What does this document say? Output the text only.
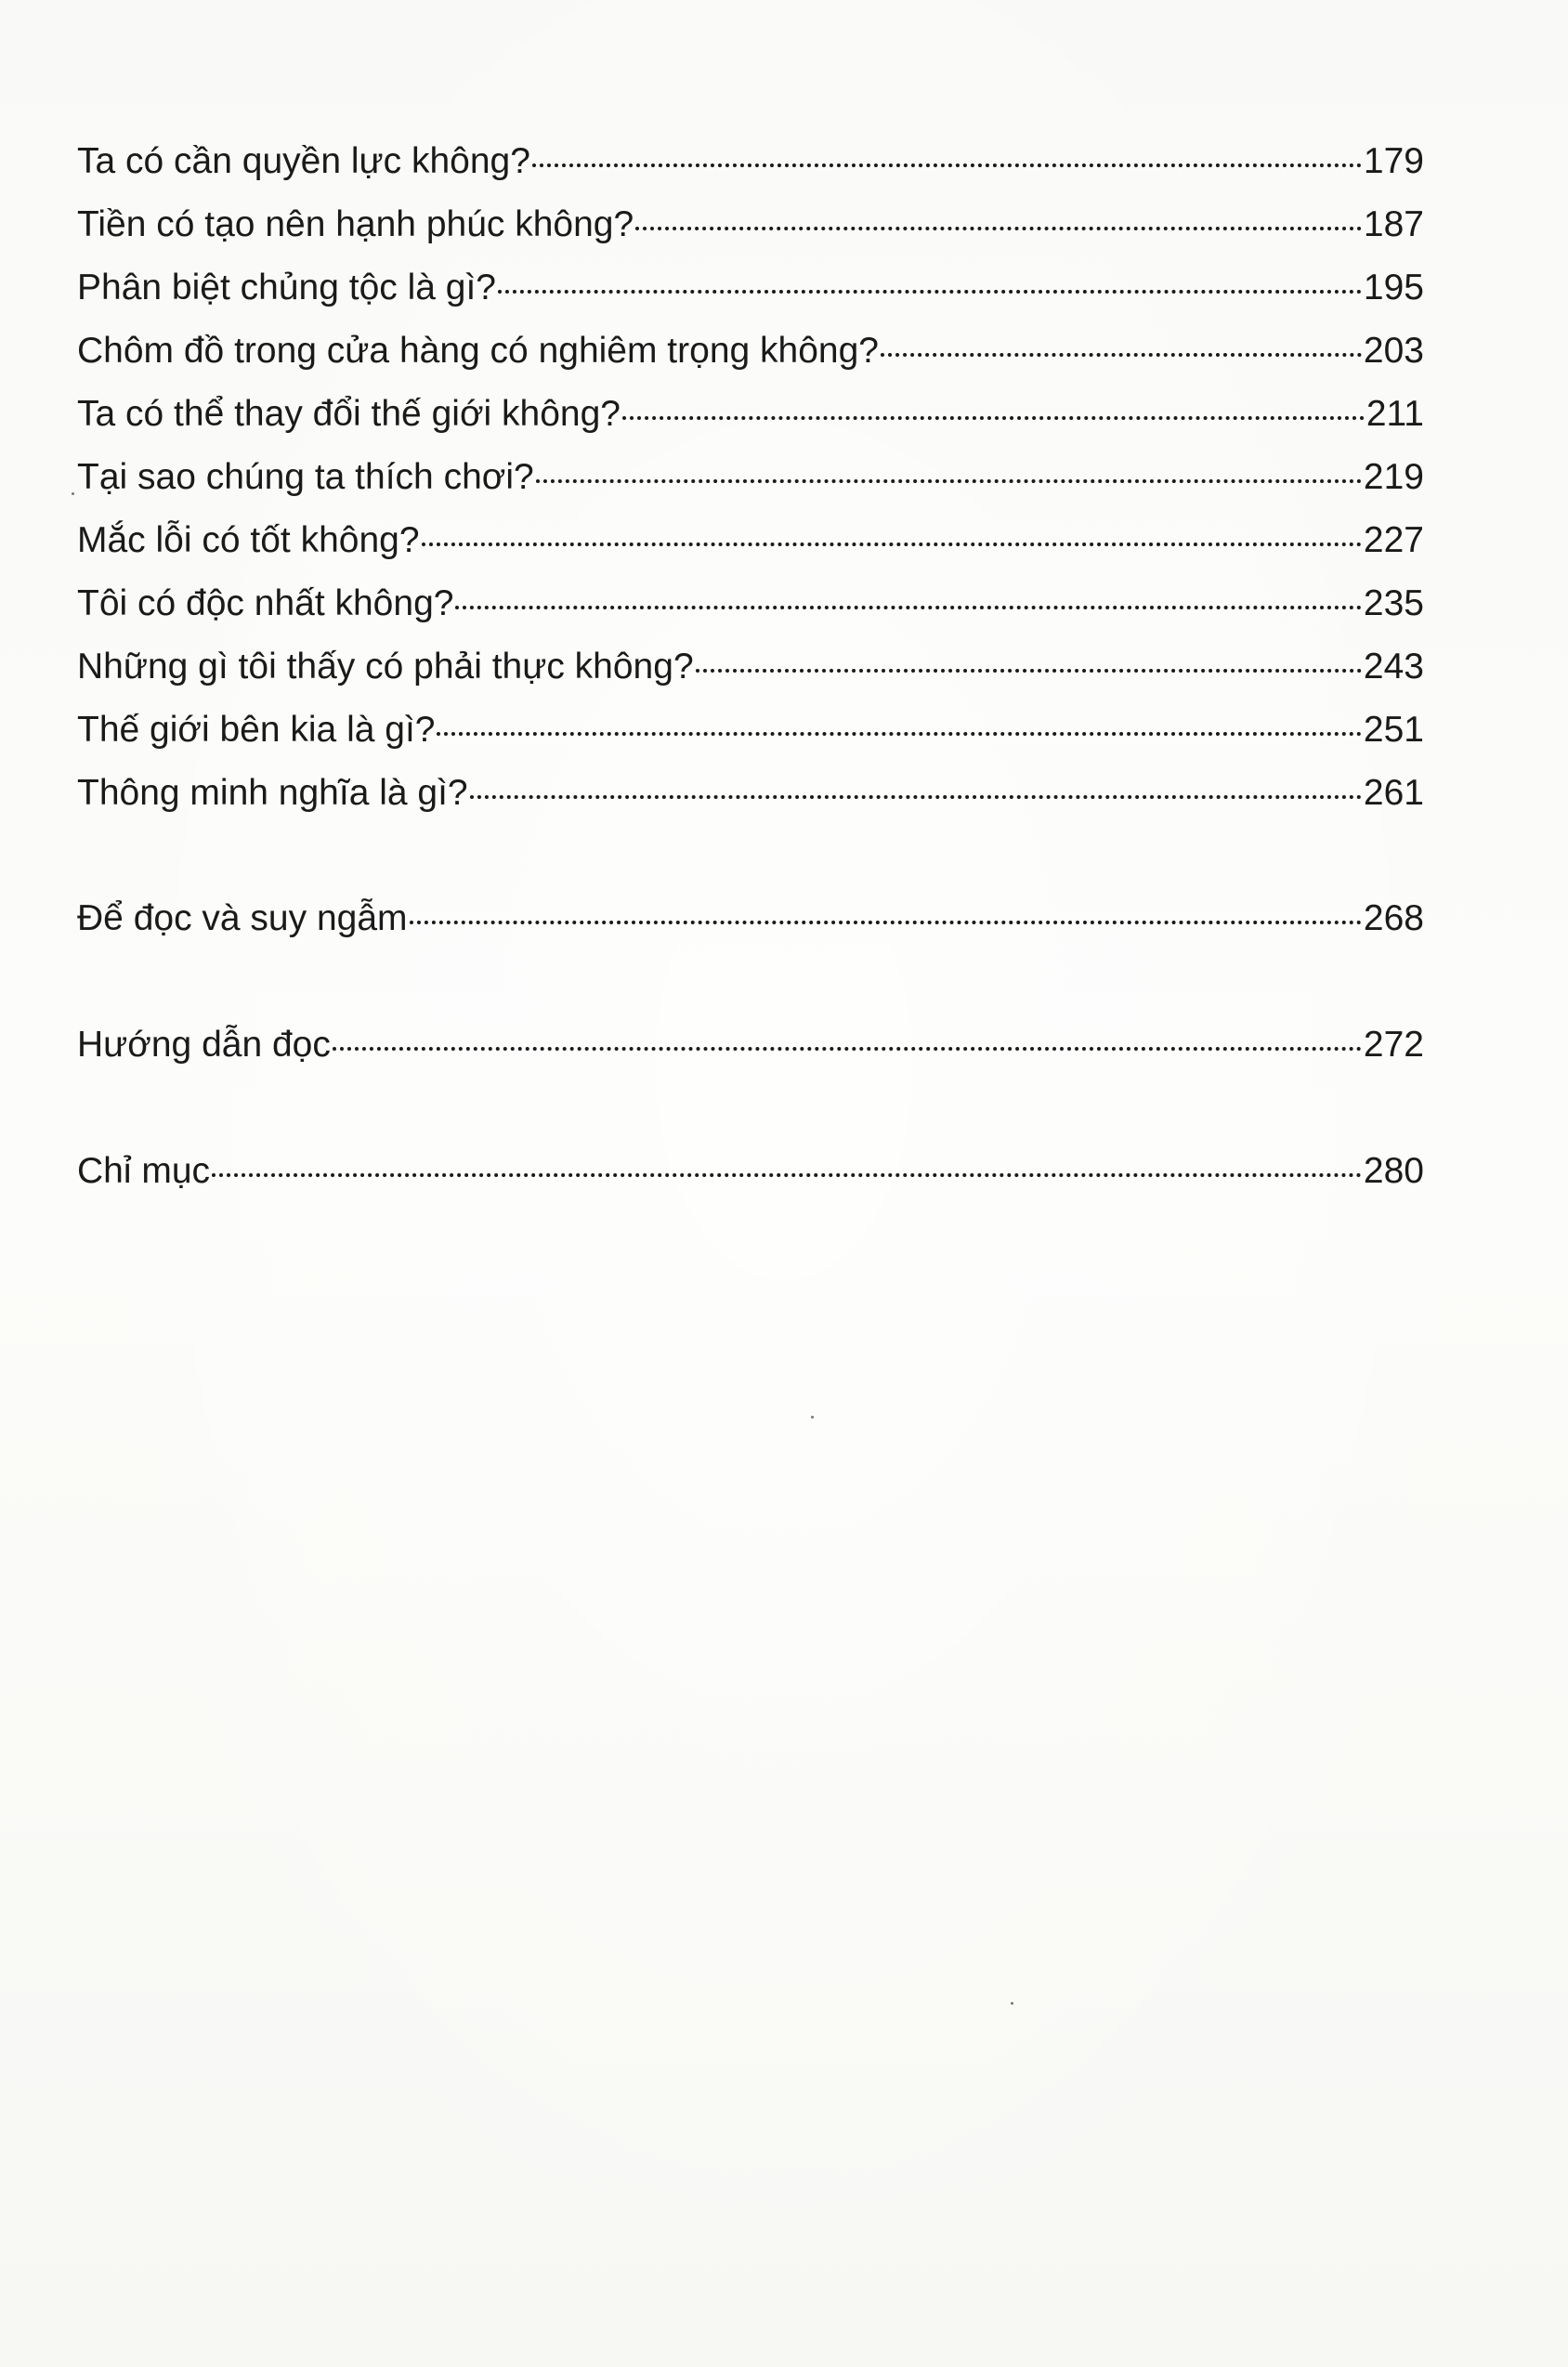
Ta có cần quyền lực không?	179
Tiền có tạo nên hạnh phúc không?	187
Phân biệt chủng tộc là gì?	195
Chôm đồ trong cửa hàng có nghiêm trọng không?	203
Ta có thể thay đổi thế giới không?	211
Tại sao chúng ta thích chơi?	219
Mắc lỗi có tốt không?	227
Tôi có độc nhất không?	235
Những gì tôi thấy có phải thực không?	243
Thế giới bên kia là gì?	251
Thông minh nghĩa là gì?	261
Để đọc và suy ngẫm	268
Hướng dẫn đọc	272
Chỉ mục	280
